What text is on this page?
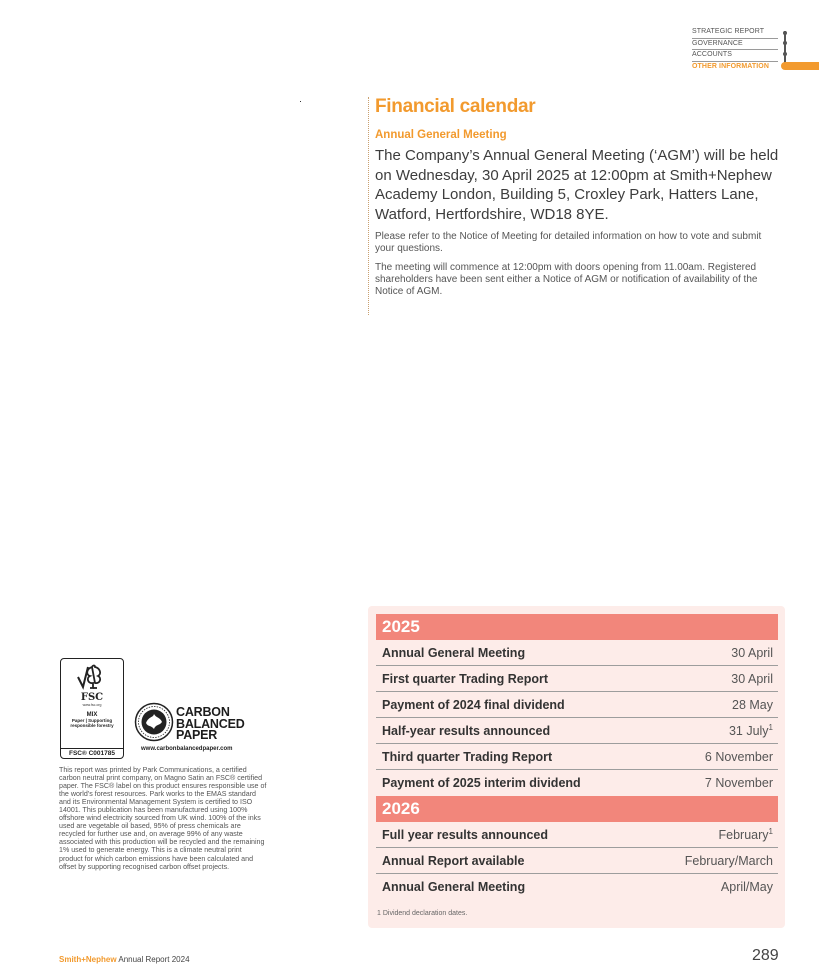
STRATEGIC REPORT
GOVERNANCE
ACCOUNTS
OTHER INFORMATION
Financial calendar
Annual General Meeting

The Company’s Annual General Meeting (‘AGM’) will be held on Wednesday, 30 April 2025 at 12:00pm at Smith+Nephew Academy London, Building 5, Croxley Park, Hatters Lane, Watford, Hertfordshire, WD18 8YE.

Please refer to the Notice of Meeting for detailed information on how to vote and submit your questions.

The meeting will commence at 12:00pm with doors opening from 11.00am. Registered shareholders have been sent either a Notice of AGM or notification of availability of the Notice of AGM.

2025
Annual General Meeting	30 April
First quarter Trading Report	30 April
Payment of 2024 final dividend	28 May
Half-year results announced	31 July$^1$
Third quarter Trading Report	6 November
Payment of 2025 interim dividend	7 November
2026
Full year results announced	February$^1$
Annual Report available	February/March
Annual General Meeting	April/May

1 Dividend declaration dates.

FSC
www.fsc.org
MIX
Paper | Supporting responsible forestry
FSC® C001785
CARBON
BALANCED
PAPER
www.carbonbalancedpaper.com

This report was printed by Park Communications, a certified carbon neutral print company, on Magno Satin an FSC® certified paper. The FSC® label on this product ensures responsible use of the world’s forest resources. Park works to the EMAS standard and its Environmental Management System is certified to ISO 14001. This publication has been manufactured using 100% offshore wind electricity sourced from UK wind. 100% of the inks used are vegetable oil based, 95% of press chemicals are recycled for further use and, on average 99% of any waste associated with this production will be recycled and the remaining 1% used to generate energy. This is a climate neutral print product for which carbon emissions have been calculated and offset by supporting recognised carbon offset projects.

Smith+Nephew Annual Report 2024	289
